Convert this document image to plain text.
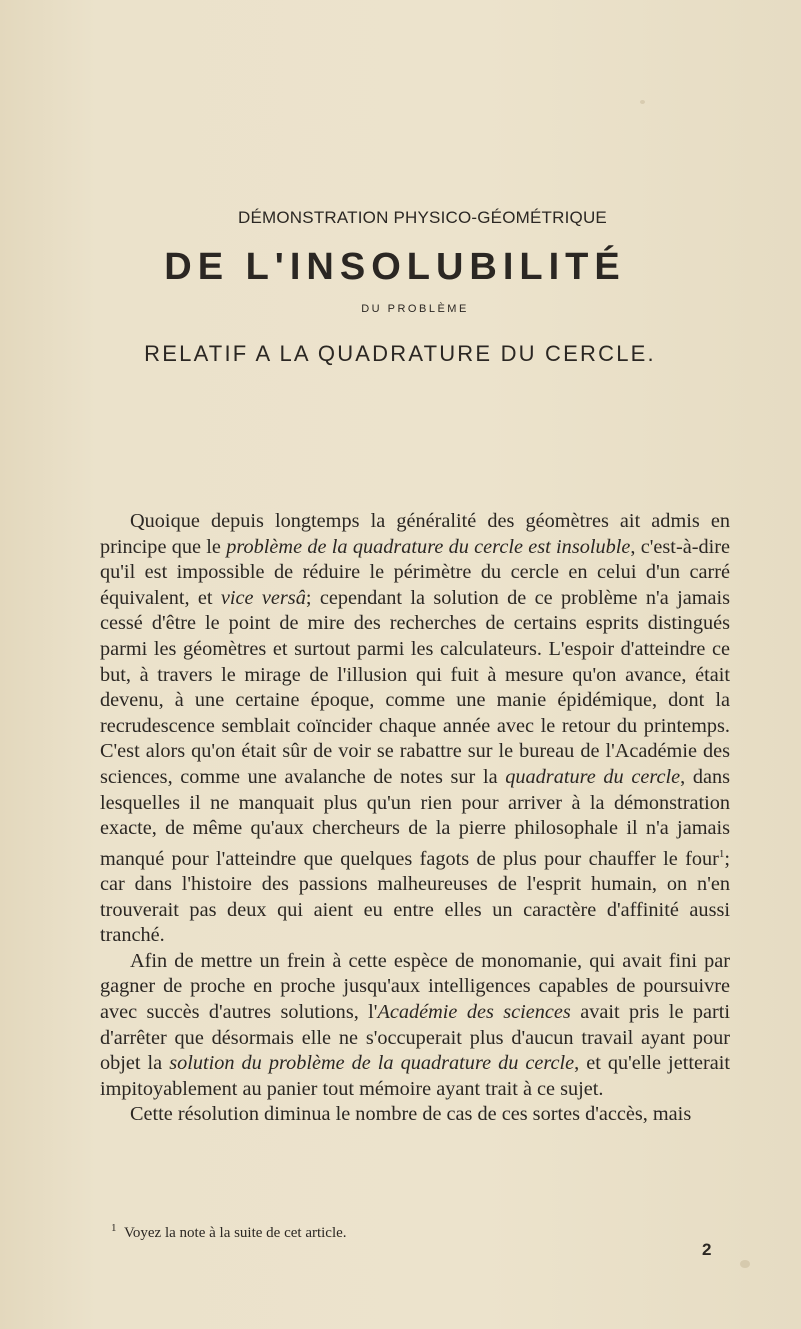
DÉMONSTRATION PHYSICO-GÉOMÉTRIQUE
DE L'INSOLUBILITÉ
DU PROBLÈME
RELATIF A LA QUADRATURE DU CERCLE.

Quoique depuis longtemps la généralité des géomètres ait admis en principe que le problème de la quadrature du cercle est insoluble, c'est-à-dire qu'il est impossible de réduire le périmètre du cercle en celui d'un carré équivalent, et vice versâ; cependant la solution de ce problème n'a jamais cessé d'être le point de mire des recherches de certains esprits distingués parmi les géomètres et surtout parmi les calculateurs. L'espoir d'atteindre ce but, à travers le mirage de l'illusion qui fuit à mesure qu'on avance, était devenu, à une certaine époque, comme une manie épidémique, dont la recrudescence semblait coïncider chaque année avec le retour du printemps. C'est alors qu'on était sûr de voir se rabattre sur le bureau de l'Académie des sciences, comme une avalanche de notes sur la quadrature du cercle, dans lesquelles il ne manquait plus qu'un rien pour arriver à la démonstration exacte, de même qu'aux chercheurs de la pierre philosophale il n'a jamais manqué pour l'atteindre que quelques fagots de plus pour chauffer le four$^1$; car dans l'histoire des passions malheureuses de l'esprit humain, on n'en trouverait pas deux qui aient eu entre elles un caractère d'affinité aussi tranché.

Afin de mettre un frein à cette espèce de monomanie, qui avait fini par gagner de proche en proche jusqu'aux intelligences capables de poursuivre avec succès d'autres solutions, l'Académie des sciences avait pris le parti d'arrêter que désormais elle ne s'occuperait plus d'aucun travail ayant pour objet la solution du problème de la quadrature du cercle, et qu'elle jetterait impitoyablement au panier tout mémoire ayant trait à ce sujet.

Cette résolution diminua le nombre de cas de ces sortes d'accès, mais

$^1$ Voyez la note à la suite de cet article.
2
